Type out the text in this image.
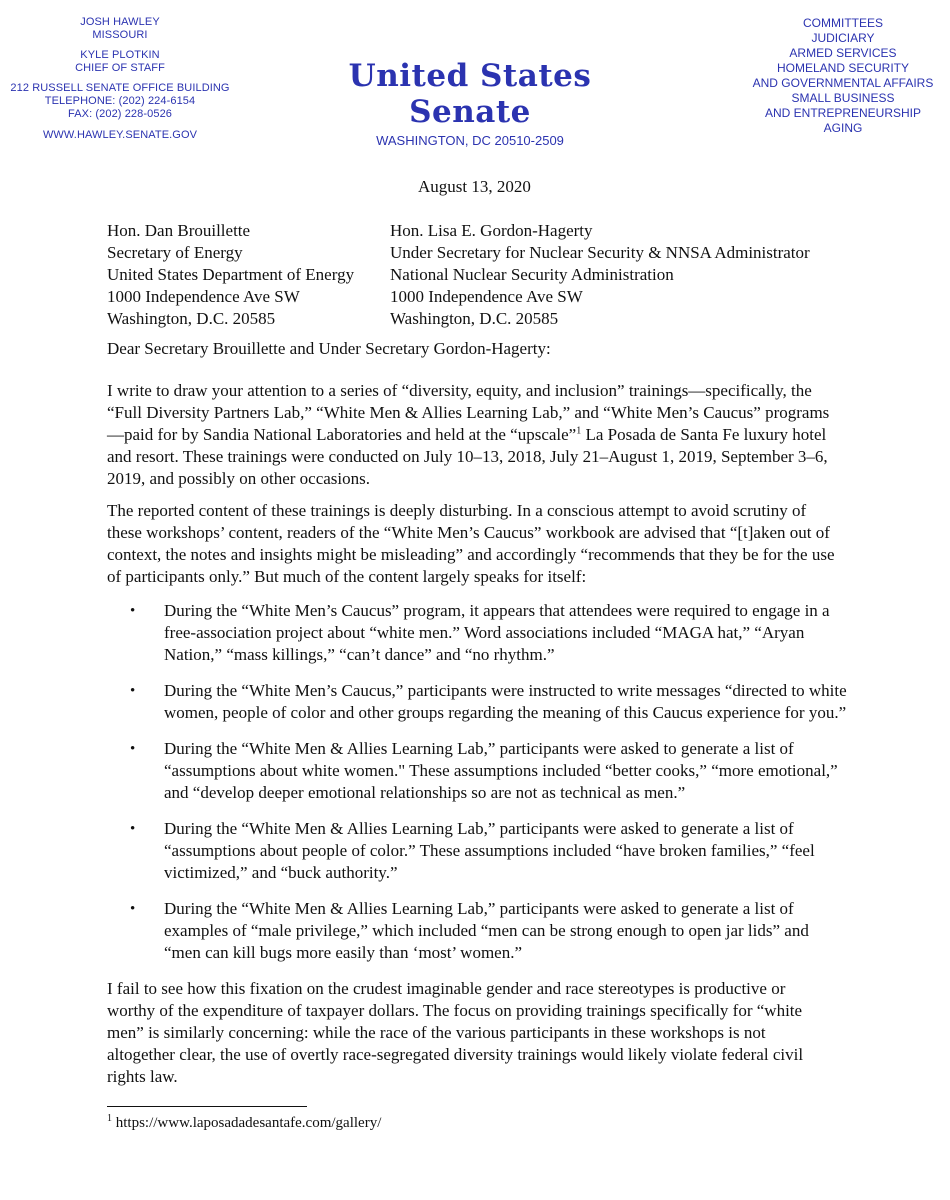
JOSH HAWLEY
MISSOURI
KYLE PLOTKIN
CHIEF OF STAFF
212 RUSSELL SENATE OFFICE BUILDING
TELEPHONE: (202) 224-6154
FAX: (202) 228-0526
WWW.HAWLEY.SENATE.GOV
United States Senate
WASHINGTON, DC 20510-2509
COMMITTEES
JUDICIARY
ARMED SERVICES
HOMELAND SECURITY
AND GOVERNMENTAL AFFAIRS
SMALL BUSINESS
AND ENTREPRENEURSHIP
AGING
August 13, 2020
Hon. Dan Brouillette
Secretary of Energy
United States Department of Energy
1000 Independence Ave SW
Washington, D.C. 20585
Hon. Lisa E. Gordon-Hagerty
Under Secretary for Nuclear Security & NNSA Administrator
National Nuclear Security Administration
1000 Independence Ave SW
Washington, D.C. 20585
Dear Secretary Brouillette and Under Secretary Gordon-Hagerty:
I write to draw your attention to a series of “diversity, equity, and inclusion” trainings—specifically, the “Full Diversity Partners Lab,” “White Men & Allies Learning Lab,” and “White Men’s Caucus” programs—paid for by Sandia National Laboratories and held at the “upscale”$^1$ La Posada de Santa Fe luxury hotel and resort. These trainings were conducted on July 10–13, 2018, July 21–August 1, 2019, September 3–6, 2019, and possibly on other occasions.
The reported content of these trainings is deeply disturbing. In a conscious attempt to avoid scrutiny of these workshops’ content, readers of the “White Men’s Caucus” workbook are advised that “[t]aken out of context, the notes and insights might be misleading” and accordingly “recommends that they be for the use of participants only.” But much of the content largely speaks for itself:
• During the “White Men’s Caucus” program, it appears that attendees were required to engage in a free-association project about “white men.” Word associations included “MAGA hat,” “Aryan Nation,” “mass killings,” “can’t dance” and “no rhythm.”
• During the “White Men’s Caucus,” participants were instructed to write messages “directed to white women, people of color and other groups regarding the meaning of this Caucus experience for you.”
• During the “White Men & Allies Learning Lab,” participants were asked to generate a list of “assumptions about white women." These assumptions included “better cooks,” “more emotional,” and “develop deeper emotional relationships so are not as technical as men.”
• During the “White Men & Allies Learning Lab,” participants were asked to generate a list of “assumptions about people of color.” These assumptions included “have broken families,” “feel victimized,” and “buck authority.”
• During the “White Men & Allies Learning Lab,” participants were asked to generate a list of examples of “male privilege,” which included “men can be strong enough to open jar lids” and “men can kill bugs more easily than ‘most’ women.”
I fail to see how this fixation on the crudest imaginable gender and race stereotypes is productive or worthy of the expenditure of taxpayer dollars. The focus on providing trainings specifically for “white men” is similarly concerning: while the race of the various participants in these workshops is not altogether clear, the use of overtly race-segregated diversity trainings would likely violate federal civil rights law.
$^1$ https://www.laposadadesantafe.com/gallery/
